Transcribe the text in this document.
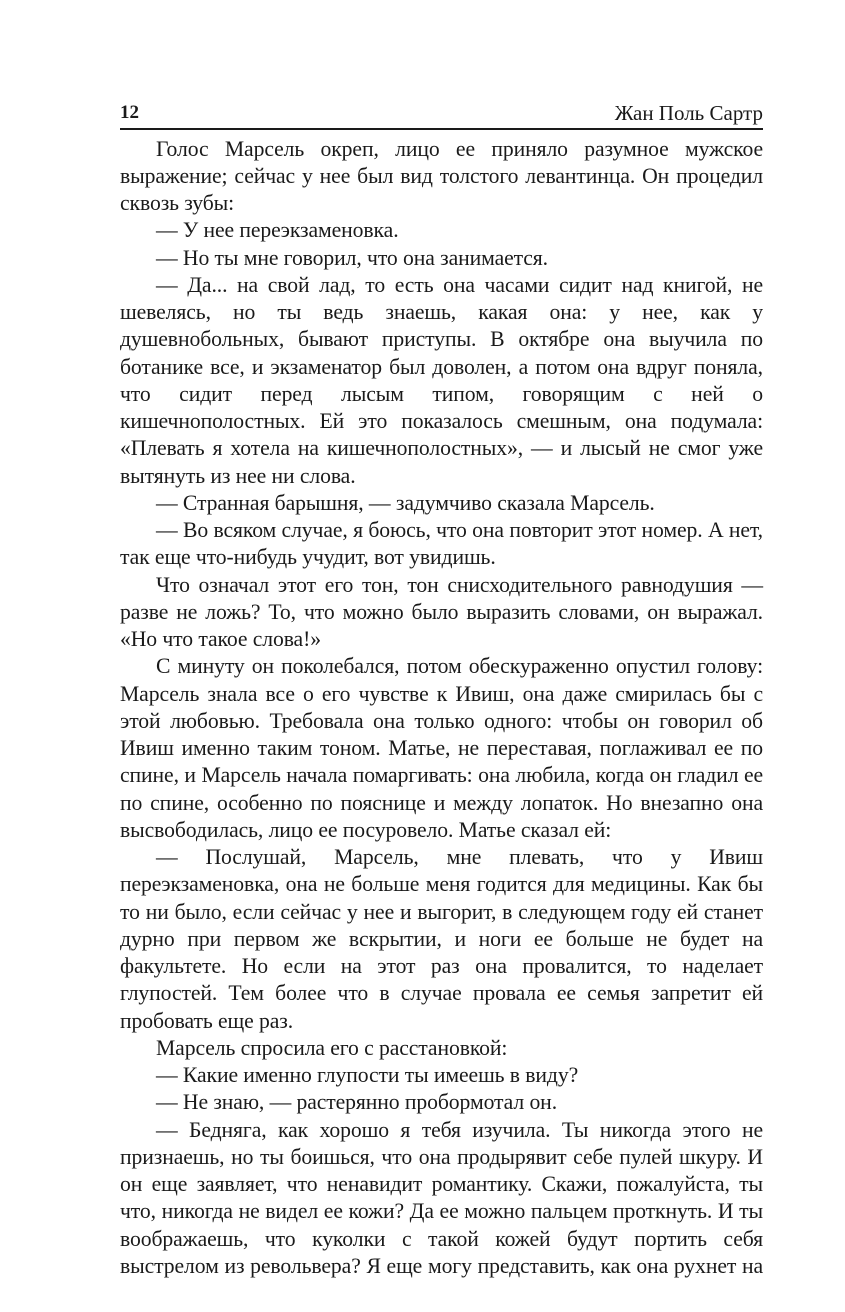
12	Жан Поль Сартр

Голос Марсель окреп, лицо ее приняло разумное мужское выражение; сейчас у нее был вид толстого левантинца. Он процедил сквозь зубы:

— У нее переэкзаменовка.

— Но ты мне говорил, что она занимается.

— Да... на свой лад, то есть она часами сидит над книгой, не шевелясь, но ты ведь знаешь, какая она: у нее, как у душевнобольных, бывают приступы. В октябре она выучила по ботанике все, и экзаменатор был доволен, а потом она вдруг поняла, что сидит перед лысым типом, говорящим с ней о кишечнополостных. Ей это показалось смешным, она подумала: «Плевать я хотела на кишечнополостных», — и лысый не смог уже вытянуть из нее ни слова.

— Странная барышня, — задумчиво сказала Марсель.

— Во всяком случае, я боюсь, что она повторит этот номер. А нет, так еще что-нибудь учудит, вот увидишь.

Что означал этот его тон, тон снисходительного равнодушия — разве не ложь? То, что можно было выразить словами, он выражал. «Но что такое слова!»

С минуту он поколебался, потом обескураженно опустил голову: Марсель знала все о его чувстве к Ивиш, она даже смирилась бы с этой любовью. Требовала она только одного: чтобы он говорил об Ивиш именно таким тоном. Матье, не переставая, поглаживал ее по спине, и Марсель начала помаргивать: она любила, когда он гладил ее по спине, особенно по пояснице и между лопаток. Но внезапно она высвободилась, лицо ее посуровело. Матье сказал ей:

— Послушай, Марсель, мне плевать, что у Ивиш переэкзаменовка, она не больше меня годится для медицины. Как бы то ни было, если сейчас у нее и выгорит, в следующем году ей станет дурно при первом же вскрытии, и ноги ее больше не будет на факультете. Но если на этот раз она провалится, то наделает глупостей. Тем более что в случае провала ее семья запретит ей пробовать еще раз.

Марсель спросила его с расстановкой:

— Какие именно глупости ты имеешь в виду?

— Не знаю, — растерянно пробормотал он.

— Бедняга, как хорошо я тебя изучила. Ты никогда этого не признаешь, но ты боишься, что она продырявит себе пулей шкуру. И он еще заявляет, что ненавидит романтику. Скажи, пожалуйста, ты что, никогда не видел ее кожи? Да ее можно пальцем проткнуть. И ты воображаешь, что куколки с такой кожей будут портить себя выстрелом из револьвера? Я еще могу представить, как она рухнет на
